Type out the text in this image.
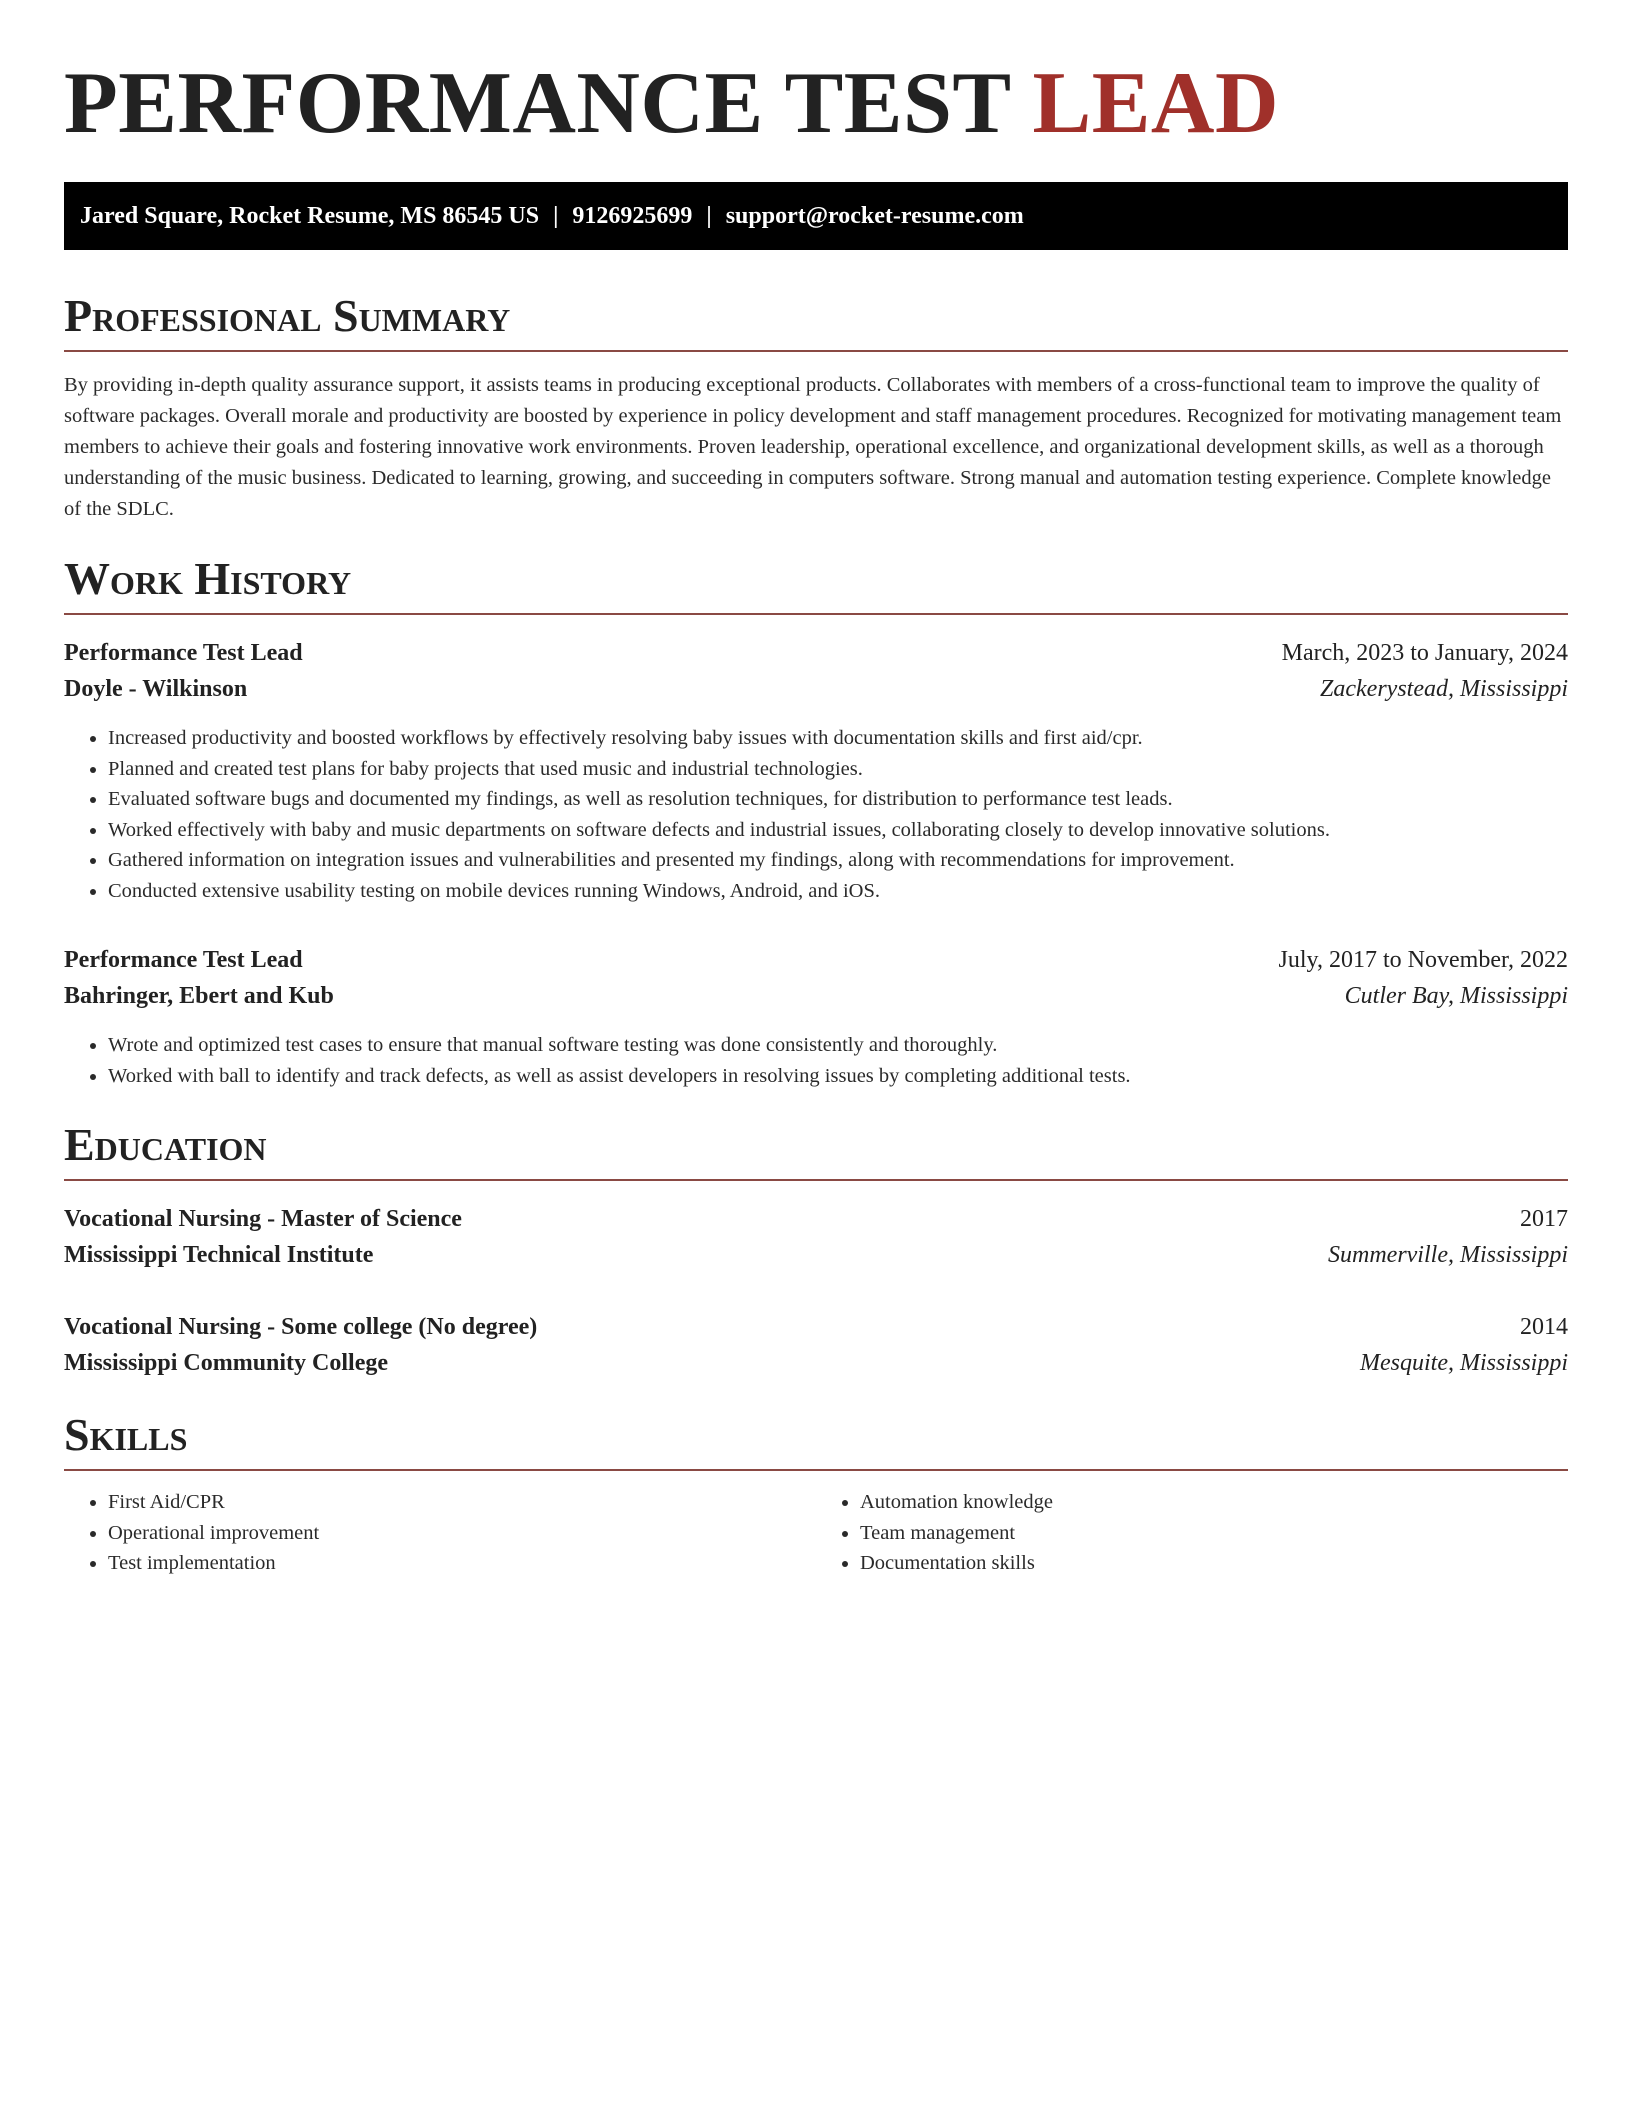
PERFORMANCE TEST LEAD
Jared Square, Rocket Resume, MS 86545 US | 9126925699 | support@rocket-resume.com
Professional Summary

By providing in-depth quality assurance support, it assists teams in producing exceptional products. Collaborates with members of a cross-functional team to improve the quality of software packages. Overall morale and productivity are boosted by experience in policy development and staff management procedures. Recognized for motivating management team members to achieve their goals and fostering innovative work environments. Proven leadership, operational excellence, and organizational development skills, as well as a thorough understanding of the music business. Dedicated to learning, growing, and succeeding in computers software. Strong manual and automation testing experience. Complete knowledge of the SDLC.

Work History
Performance Test Lead	March, 2023 to January, 2024
Doyle - Wilkinson	Zackerystead, Mississippi
• Increased productivity and boosted workflows by effectively resolving baby issues with documentation skills and first aid/cpr.
• Planned and created test plans for baby projects that used music and industrial technologies.
• Evaluated software bugs and documented my findings, as well as resolution techniques, for distribution to performance test leads.
• Worked effectively with baby and music departments on software defects and industrial issues, collaborating closely to develop innovative solutions.
• Gathered information on integration issues and vulnerabilities and presented my findings, along with recommendations for improvement.
• Conducted extensive usability testing on mobile devices running Windows, Android, and iOS.
Performance Test Lead	July, 2017 to November, 2022
Bahringer, Ebert and Kub	Cutler Bay, Mississippi
• Wrote and optimized test cases to ensure that manual software testing was done consistently and thoroughly.
• Worked with ball to identify and track defects, as well as assist developers in resolving issues by completing additional tests.
Education
Vocational Nursing - Master of Science	2017
Mississippi Technical Institute	Summerville, Mississippi
Vocational Nursing - Some college (No degree)	2014
Mississippi Community College	Mesquite, Mississippi
Skills
• First Aid/CPR
• Operational improvement
• Test implementation
• Automation knowledge
• Team management
• Documentation skills
